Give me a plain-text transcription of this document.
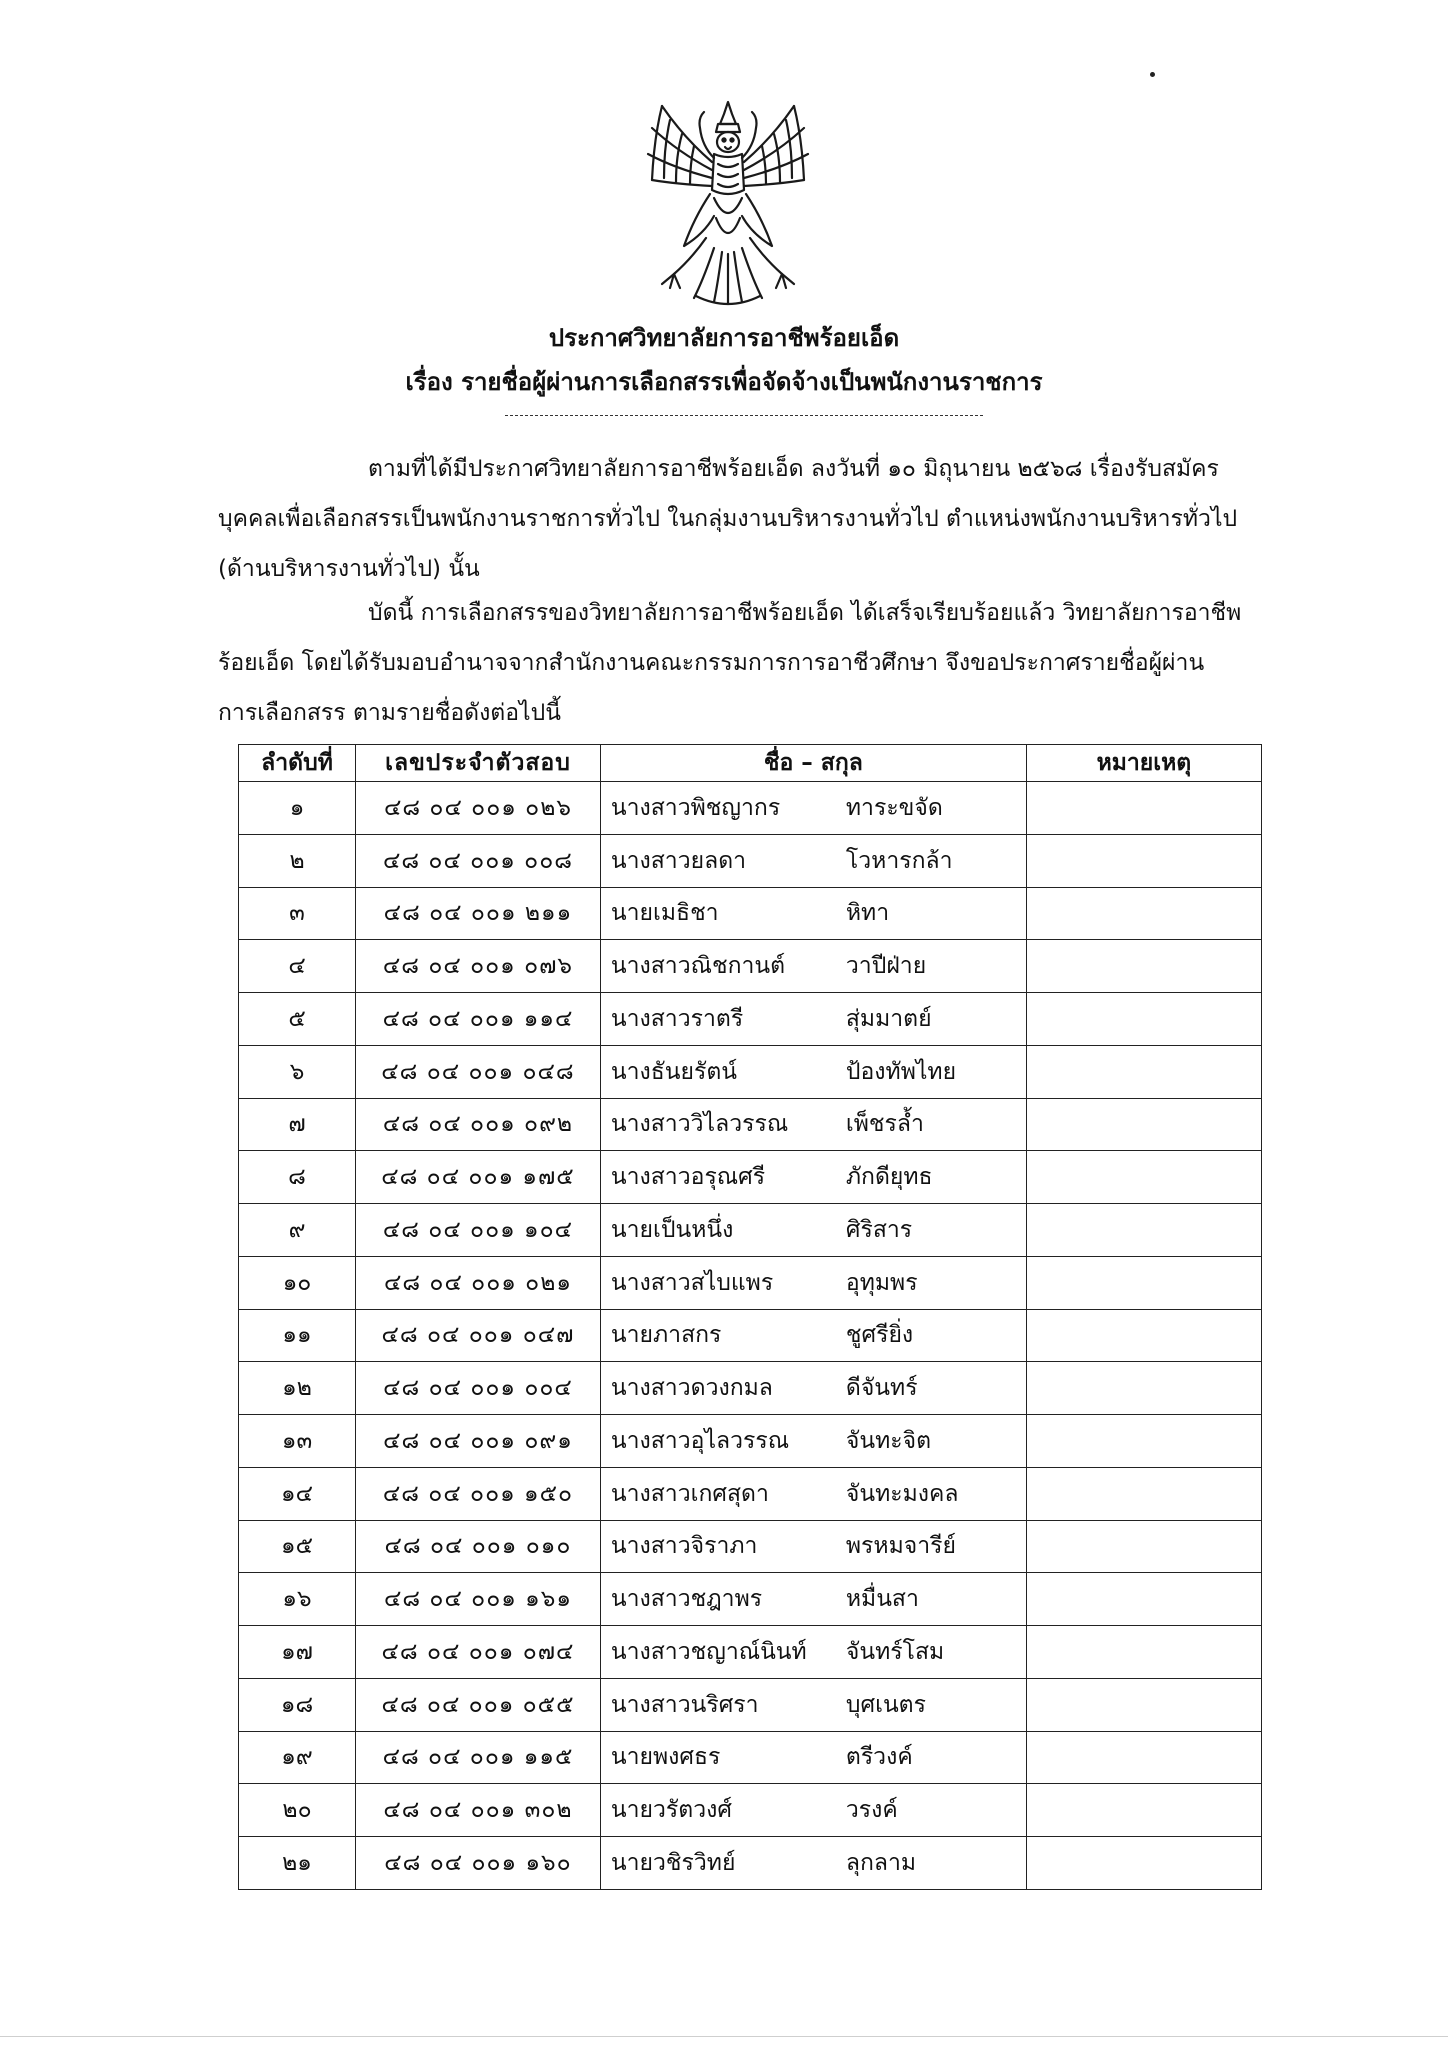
ประกาศวิทยาลัยการอาชีพร้อยเอ็ด
เรื่อง รายชื่อผู้ผ่านการเลือกสรรเพื่อจัดจ้างเป็นพนักงานราชการ

ตามที่ได้มีประกาศวิทยาลัยการอาชีพร้อยเอ็ด ลงวันที่ ๑๐ มิถุนายน ๒๕๖๘ เรื่องรับสมัคร
บุคคลเพื่อเลือกสรรเป็นพนักงานราชการทั่วไป ในกลุ่มงานบริหารงานทั่วไป ตำแหน่งพนักงานบริหารทั่วไป
(ด้านบริหารงานทั่วไป) นั้น

บัดนี้ การเลือกสรรของวิทยาลัยการอาชีพร้อยเอ็ด ได้เสร็จเรียบร้อยแล้ว วิทยาลัยการอาชีพ
ร้อยเอ็ด โดยได้รับมอบอำนาจจากสำนักงานคณะกรรมการการอาชีวศึกษา จึงขอประกาศรายชื่อผู้ผ่าน
การเลือกสรร ตามรายชื่อดังต่อไปนี้

ลำดับที่	เลขประจำตัวสอบ	ชื่อ – สกุล	หมายเหตุ
๑	๔๘ ๐๔ ๐๐๑ ๐๒๖	นางสาวพิชญากร ทาระขจัด	
๒	๔๘ ๐๔ ๐๐๑ ๐๐๘	นางสาวยลดา โวหารกล้า	
๓	๔๘ ๐๔ ๐๐๑ ๒๑๑	นายเมธิชา หิทา	
๔	๔๘ ๐๔ ๐๐๑ ๐๗๖	นางสาวณิชกานต์ วาปีฝ่าย	
๕	๔๘ ๐๔ ๐๐๑ ๑๑๔	นางสาวราตรี สุ่มมาตย์	
๖	๔๘ ๐๔ ๐๐๑ ๐๔๘	นางธันยรัตน์ ป้องทัพไทย	
๗	๔๘ ๐๔ ๐๐๑ ๐๙๒	นางสาววิไลวรรณ เพ็ชรล้ำ	
๘	๔๘ ๐๔ ๐๐๑ ๑๗๕	นางสาวอรุณศรี ภักดียุทธ	
๙	๔๘ ๐๔ ๐๐๑ ๑๐๔	นายเป็นหนึ่ง ศิริสาร	
๑๐	๔๘ ๐๔ ๐๐๑ ๐๒๑	นางสาวสไบแพร อุทุมพร	
๑๑	๔๘ ๐๔ ๐๐๑ ๐๔๗	นายภาสกร ชูศรียิ่ง	
๑๒	๔๘ ๐๔ ๐๐๑ ๐๐๔	นางสาวดวงกมล ดีจันทร์	
๑๓	๔๘ ๐๔ ๐๐๑ ๐๙๑	นางสาวอุไลวรรณ จันทะจิต	
๑๔	๔๘ ๐๔ ๐๐๑ ๑๕๐	นางสาวเกศสุดา จันทะมงคล	
๑๕	๔๘ ๐๔ ๐๐๑ ๐๑๐	นางสาวจิราภา พรหมจารีย์	
๑๖	๔๘ ๐๔ ๐๐๑ ๑๖๑	นางสาวชฎาพร หมื่นสา	
๑๗	๔๘ ๐๔ ๐๐๑ ๐๗๔	นางสาวชญาณ์นินท์ จันทร์โสม	
๑๘	๔๘ ๐๔ ๐๐๑ ๐๕๕	นางสาวนริศรา บุศเนตร	
๑๙	๔๘ ๐๔ ๐๐๑ ๑๑๕	นายพงศธร ตรีวงค์	
๒๐	๔๘ ๐๔ ๐๐๑ ๓๐๒	นายวรัตวงศ์ วรงค์	
๒๑	๔๘ ๐๔ ๐๐๑ ๑๖๐	นายวชิรวิทย์ ลุกลาม	
